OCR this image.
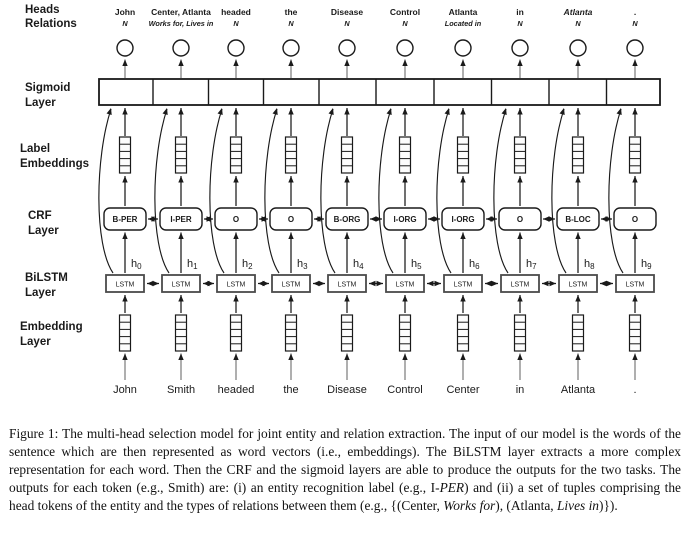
John
N
B-PER
h0
LSTM
John
Center, Atlanta
Works for, Lives in
I-PER
h1
LSTM
Smith
headed
N
O
h2
LSTM
headed
the
N
O
h3
LSTM
the
Disease
N
B-ORG
h4
LSTM
Disease
Control
N
I-ORG
h5
LSTM
Control
Atlanta
Located in
I-ORG
h6
LSTM
Center
in
N
O
h7
LSTM
in
Atlanta
N
B-LOC
h8
LSTM
Atlanta
.
N
O
h9
LSTM
.
Heads
Relations
Sigmoid
Layer
Label
Embeddings
CRF
Layer
BiLSTM
Layer
Embedding
Layer

Figure 1: The multi-head selection model for joint entity and relation extraction. The input of our model is the words of the sentence which are then represented as word vectors (i.e., embeddings). The BiLSTM layer extracts a more complex representation for each word. Then the CRF and the sigmoid layers are able to produce the outputs for the two tasks. The outputs for each token (e.g., Smith) are: (i) an entity recognition label (e.g., I-PER) and (ii) a set of tuples comprising the head tokens of the entity and the types of relations between them (e.g., {(Center, Works for), (Atlanta, Lives in)}).
